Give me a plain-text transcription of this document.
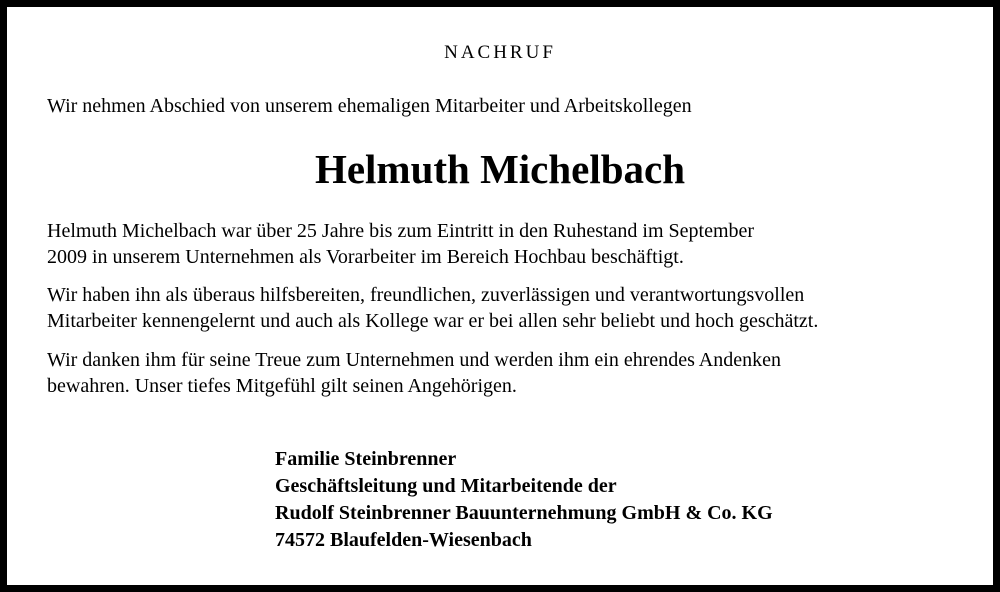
NACHRUF
Wir nehmen Abschied von unserem ehemaligen Mitarbeiter und Arbeitskollegen
Helmuth Michelbach

Helmuth Michelbach war über 25 Jahre bis zum Eintritt in den Ruhestand im September
2009 in unserem Unternehmen als Vorarbeiter im Bereich Hochbau beschäftigt.

Wir haben ihn als überaus hilfsbereiten, freundlichen, zuverlässigen und verantwortungsvollen
Mitarbeiter kennengelernt und auch als Kollege war er bei allen sehr beliebt und hoch geschätzt.

Wir danken ihm für seine Treue zum Unternehmen und werden ihm ein ehrendes Andenken
bewahren. Unser tiefes Mitgefühl gilt seinen Angehörigen.

Familie Steinbrenner
Geschäftsleitung und Mitarbeitende der
Rudolf Steinbrenner Bauunternehmung GmbH & Co. KG
74572 Blaufelden-Wiesenbach
